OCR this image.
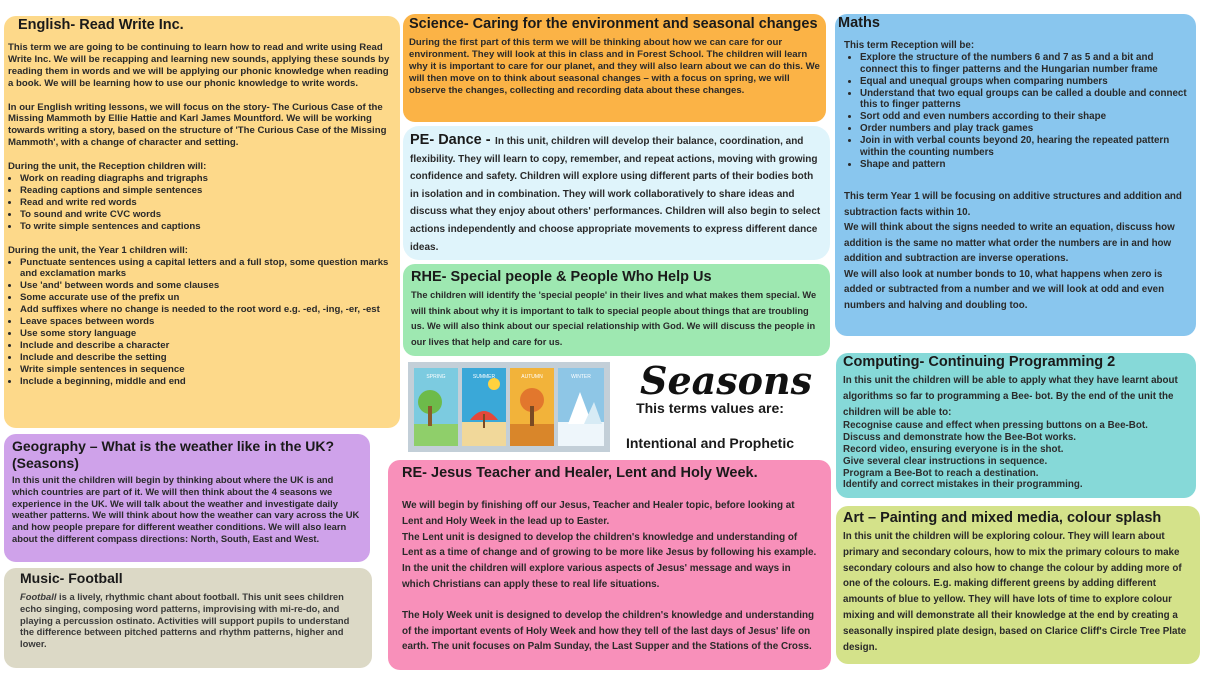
English- Read Write Inc.

This term we are going to be continuing to learn how to read and write using Read Write Inc. We will be recapping and learning new sounds, applying these sounds by reading them in words and we will be applying our phonic knowledge when reading a book. We will be learning how to use our phonic knowledge to write words.

In our English writing lessons, we will focus on the story- The Curious Case of the Missing Mammoth by Ellie Hattie and Karl James Mountford. We will be working towards writing a story, based on the structure of 'The Curious Case of the Missing Mammoth', with a change of character and setting.

During the unit, the Reception children will:

• Work on reading diagraphs and trigraphs
• Reading captions and simple sentences
• Read and write red words
• To sound and write CVC words
• To write simple sentences and captions

During the unit, the Year 1 children will:

• Punctuate sentences using a capital letters and a full stop, some question marks and exclamation marks
• Use 'and' between words and some clauses
• Some accurate use of the prefix un
• Add suffixes where no change is needed to the root word e.g. -ed, -ing, -er, -est
• Leave spaces between words
• Use some story language
• Include and describe a character
• Include and describe the setting
• Write simple sentences in sequence
• Include a beginning, middle and end
Geography – What is the weather like in the UK? (Seasons)

In this unit the children will begin by thinking about where the UK is and which countries are part of it. We will then think about the 4 seasons we experience in the UK. We will talk about the weather and investigate daily weather patterns. We will think about how the weather can vary across the UK and how people prepare for different weather conditions. We will also learn about the different compass directions: North, South, East and West.

Music- Football

Football is a lively, rhythmic chant about football. This unit sees children echo singing, composing word patterns, improvising with mi-re-do, and playing a percussion ostinato. Activities will support pupils to understand the difference between pitched patterns and rhythm patterns, higher and lower.

Science- Caring for the environment and seasonal changes

During the first part of this term we will be thinking about how we can care for our environment. They will look at this in class and in Forest School. The children will learn why it is important to care for our planet, and they will also learn about we can do this. We will then move on to think about seasonal changes – with a focus on spring, we will observe the changes, collecting and recording data about these changes.

PE- Dance - In this unit, children will develop their balance, coordination, and flexibility. They will learn to copy, remember, and repeat actions, moving with growing confidence and safety. Children will explore using different parts of their bodies both in isolation and in combination. They will work collaboratively to share ideas and discuss what they enjoy about others' performances. Children will also begin to select actions independently and choose appropriate movements to express different dance ideas.
RHE- Special people & People Who Help Us

The children will identify the 'special people' in their lives and what makes them special. We will think about why it is important to talk to special people about things that are troubling us. We will also think about our special relationship with God. We will discuss the people in our lives that help and care for us.

SPRING	SUMMER	AUTUMN	WINTER Seasons
This terms values are:
Intentional and Prophetic
RE- Jesus Teacher and Healer, Lent and Holy Week.

We will begin by finishing off our Jesus, Teacher and Healer topic, before looking at Lent and Holy Week in the lead up to Easter.

The Lent unit is designed to develop the children's knowledge and understanding of Lent as a time of change and of growing to be more like Jesus by following his example. In the unit the children will explore various aspects of Jesus' message and ways in which Christians can apply these to real life situations.

The Holy Week unit is designed to develop the children's knowledge and understanding of the important events of Holy Week and how they tell of the last days of Jesus' life on earth. The unit focuses on Palm Sunday, the Last Supper and the Stations of the Cross.

Maths

This term Reception will be:

• Explore the structure of the numbers 6 and 7 as 5 and a bit and connect this to finger patterns and the Hungarian number frame
• Equal and unequal groups when comparing numbers
• Understand that two equal groups can be called a double and connect this to finger patterns
• Sort odd and even numbers according to their shape
• Order numbers and play track games
• Join in with verbal counts beyond 20, hearing the repeated pattern within the counting numbers
• Shape and pattern

This term Year 1 will be focusing on additive structures and addition and subtraction facts within 10.

We will think about the signs needed to write an equation, discuss how addition is the same no matter what order the numbers are in and how addition and subtraction are inverse operations.

We will also look at number bonds to 10, what happens when zero is added or subtracted from a number and we will look at odd and even numbers and halving and doubling too.

Computing- Continuing Programming 2

In this unit the children will be able to apply what they have learnt about algorithms so far to programming a Bee- bot. By the end of the unit the children will be able to:

Recognise cause and effect when pressing buttons on a Bee-Bot.

Discuss and demonstrate how the Bee-Bot works.

Record video, ensuring everyone is in the shot.

Give several clear instructions in sequence.

Program a Bee-Bot to reach a destination.

Identify and correct mistakes in their programming.

Art – Painting and mixed media, colour splash

In this unit the children will be exploring colour. They will learn about primary and secondary colours, how to mix the primary colours to make secondary colours and also how to change the colour by adding more of one of the colours. E.g. making different greens by adding different amounts of blue to yellow. They will have lots of time to explore colour mixing and will demonstrate all their knowledge at the end by creating a seasonally inspired plate design, based on Clarice Cliff's Circle Tree Plate design.
